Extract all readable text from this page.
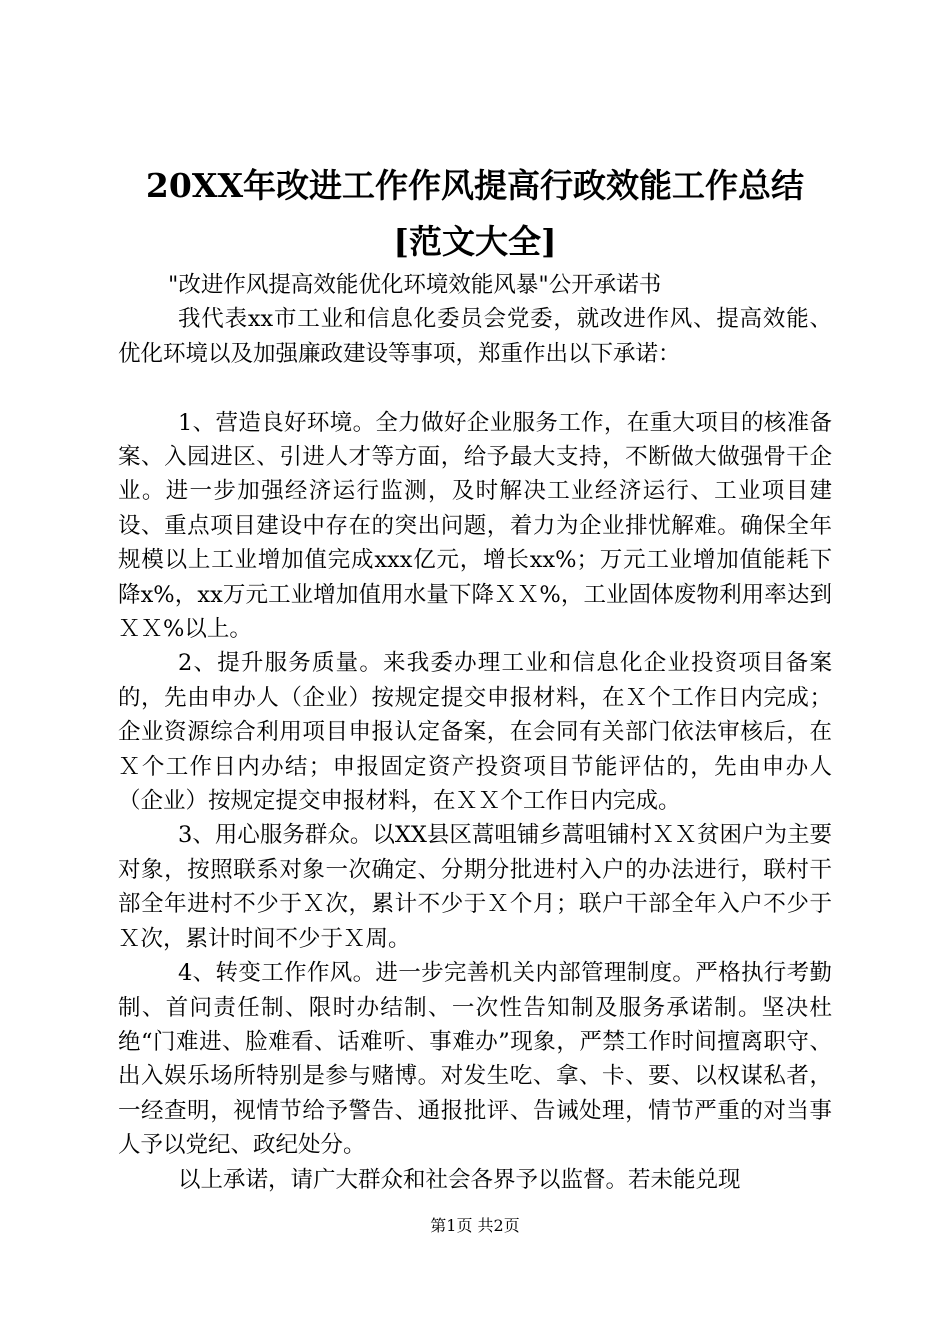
20XX年改进工作作风提高行政效能工作总结
[范文大全]

"改进作风提高效能优化环境效能风暴"公开承诺书

我代表xx市工业和信息化委员会党委，就改进作风、提高效能、优化环境以及加强廉政建设等事项，郑重作出以下承诺：

1、营造良好环境。全力做好企业服务工作，在重大项目的核准备案、入园进区、引进人才等方面，给予最大支持，不断做大做强骨干企业。进一步加强经济运行监测，及时解决工业经济运行、工业项目建设、重点项目建设中存在的突出问题，着力为企业排忧解难。确保全年规模以上工业增加值完成xxx亿元，增长xx%；万元工业增加值能耗下降x%，xx万元工业增加值用水量下降ＸＸ%，工业固体废物利用率达到ＸＸ%以上。

2、提升服务质量。来我委办理工业和信息化企业投资项目备案的，先由申办人（企业）按规定提交申报材料，在Ｘ个工作日内完成；企业资源综合利用项目申报认定备案，在会同有关部门依法审核后，在Ｘ个工作日内办结；申报固定资产投资项目节能评估的，先由申办人（企业）按规定提交申报材料，在ＸＸ个工作日内完成。

3、用心服务群众。以XX县区蒿咀铺乡蒿咀铺村ＸＸ贫困户为主要对象，按照联系对象一次确定、分期分批进村入户的办法进行，联村干部全年进村不少于Ｘ次，累计不少于Ｘ个月；联户干部全年入户不少于Ｘ次，累计时间不少于Ｘ周。

4、转变工作作风。进一步完善机关内部管理制度。严格执行考勤制、首问责任制、限时办结制、一次性告知制及服务承诺制。坚决杜绝“门难进、脸难看、话难听、事难办”现象，严禁工作时间擅离职守、出入娱乐场所特别是参与赌博。对发生吃、拿、卡、要、以权谋私者，一经查明，视情节给予警告、通报批评、告诫处理，情节严重的对当事人予以党纪、政纪处分。

以上承诺，请广大群众和社会各界予以监督。若未能兑现

第1页 共2页
